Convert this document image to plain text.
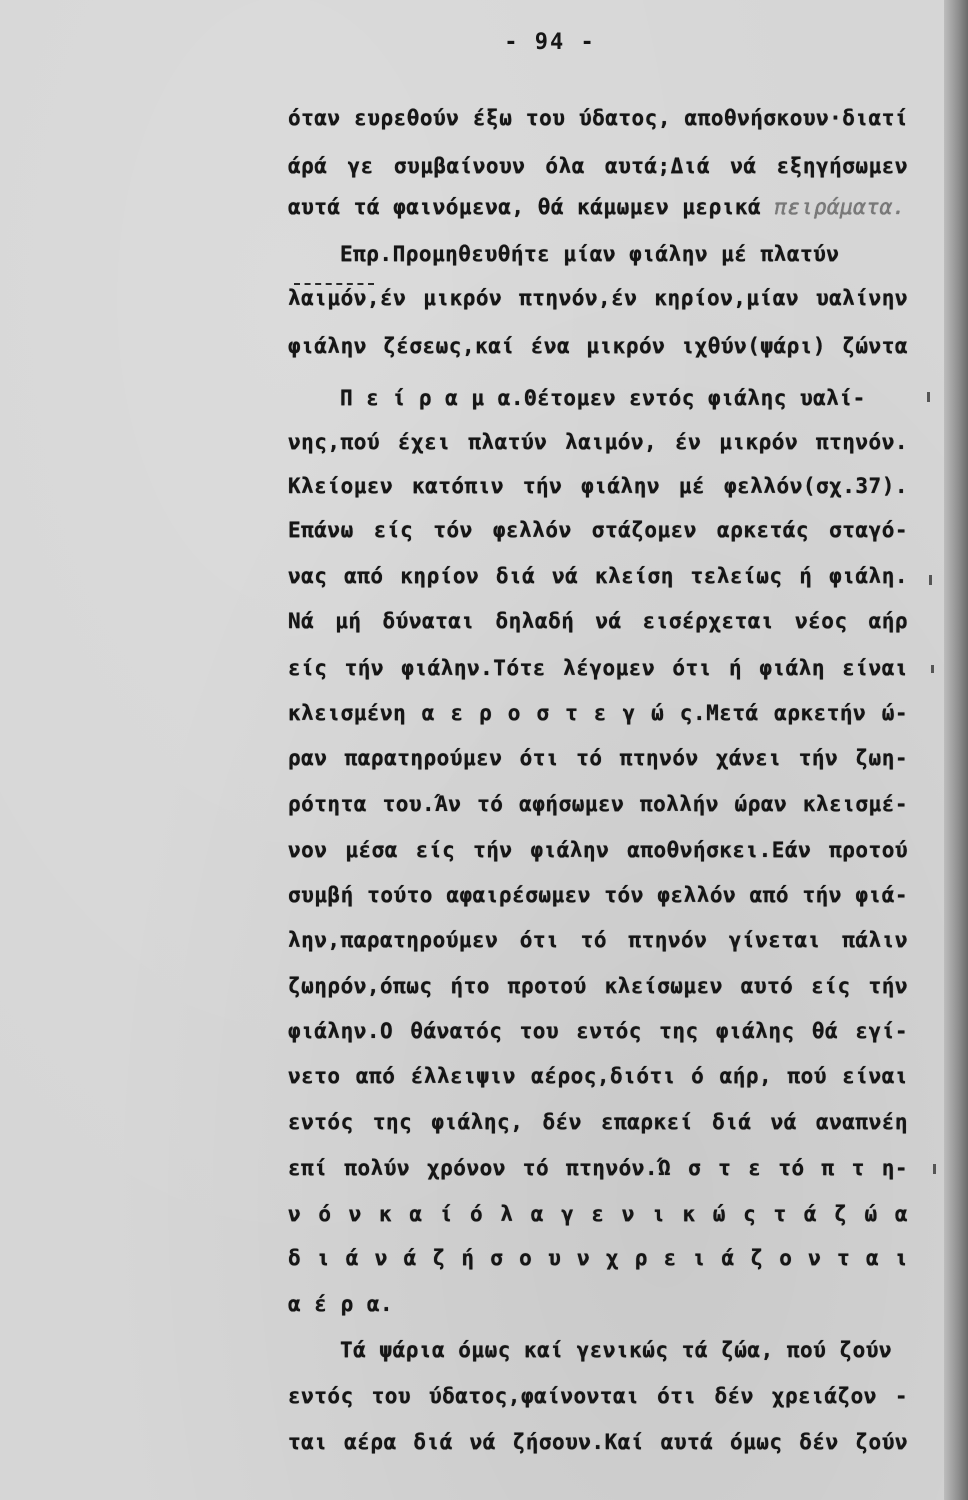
- 94 -
όταν ευρεθούν έξω του ύδατος, αποθνήσκουν·διατί
άρά γε συμβαίνουν όλα αυτά;Διά νά εξηγήσωμεν
αυτά τά φαινόμενα, θά κάμωμεν μερικά πειράματα.
Επρ.Προμηθευθήτε μίαν φιάλην μέ πλατύν
λαιμόν,έν μικρόν πτηνόν,έν κηρίον,μίαν υαλίνην
φιάλην ζέσεως,καί ένα μικρόν ιχθύν(ψάρι) ζώντα
Π ε ί ρ α μ α.Θέτομεν εντός φιάλης υαλί-
νης,πού έχει πλατύν λαιμόν, έν μικρόν πτηνόν.
Κλείομεν κατόπιν τήν φιάλην μέ φελλόν(σχ.37).
Επάνω είς τόν φελλόν στάζομεν αρκετάς σταγό-
νας από κηρίον διά νά κλείση τελείως ή φιάλη.
Νά μή δύναται δηλαδή νά εισέρχεται νέος αήρ
είς τήν φιάλην.Τότε λέγομεν ότι ή φιάλη είναι
κλεισμένη α ε ρ ο σ τ ε γ ώ ς.Μετά αρκετήν ώ-
ραν παρατηρούμεν ότι τό πτηνόν χάνει τήν ζωη-
ρότητα του.Άν τό αφήσωμεν πολλήν ώραν κλεισμέ-
νον μέσα είς τήν φιάλην αποθνήσκει.Εάν προτού
συμβή τούτο αφαιρέσωμεν τόν φελλόν από τήν φιά-
λην,παρατηρούμεν ότι τό πτηνόν γίνεται πάλιν
ζωηρόν,όπως ήτο προτού κλείσωμεν αυτό είς τήν
φιάλην.Ο θάνατός του εντός της φιάλης θά εγί-
νετο από έλλειψιν αέρος,διότι ό αήρ, πού είναι
εντός της φιάλης, δέν επαρκεί διά νά αναπνέη
επί πολύν χρόνον τό πτηνόν.Ώ σ τ ε τό π τ η-
ν ό ν κ α ί ό λ α γ ε ν ι κ ώ ς τ ά ζ ώ α
δ ι ά ν ά ζ ή σ ο υ ν χ ρ ε ι ά ζ ο ν τ α ι
α έ ρ α.
Τά ψάρια όμως καί γενικώς τά ζώα, πού ζούν
εντός του ύδατος,φαίνονται ότι δέν χρειάζον -
ται αέρα διά νά ζήσουν.Καί αυτά όμως δέν ζούν
